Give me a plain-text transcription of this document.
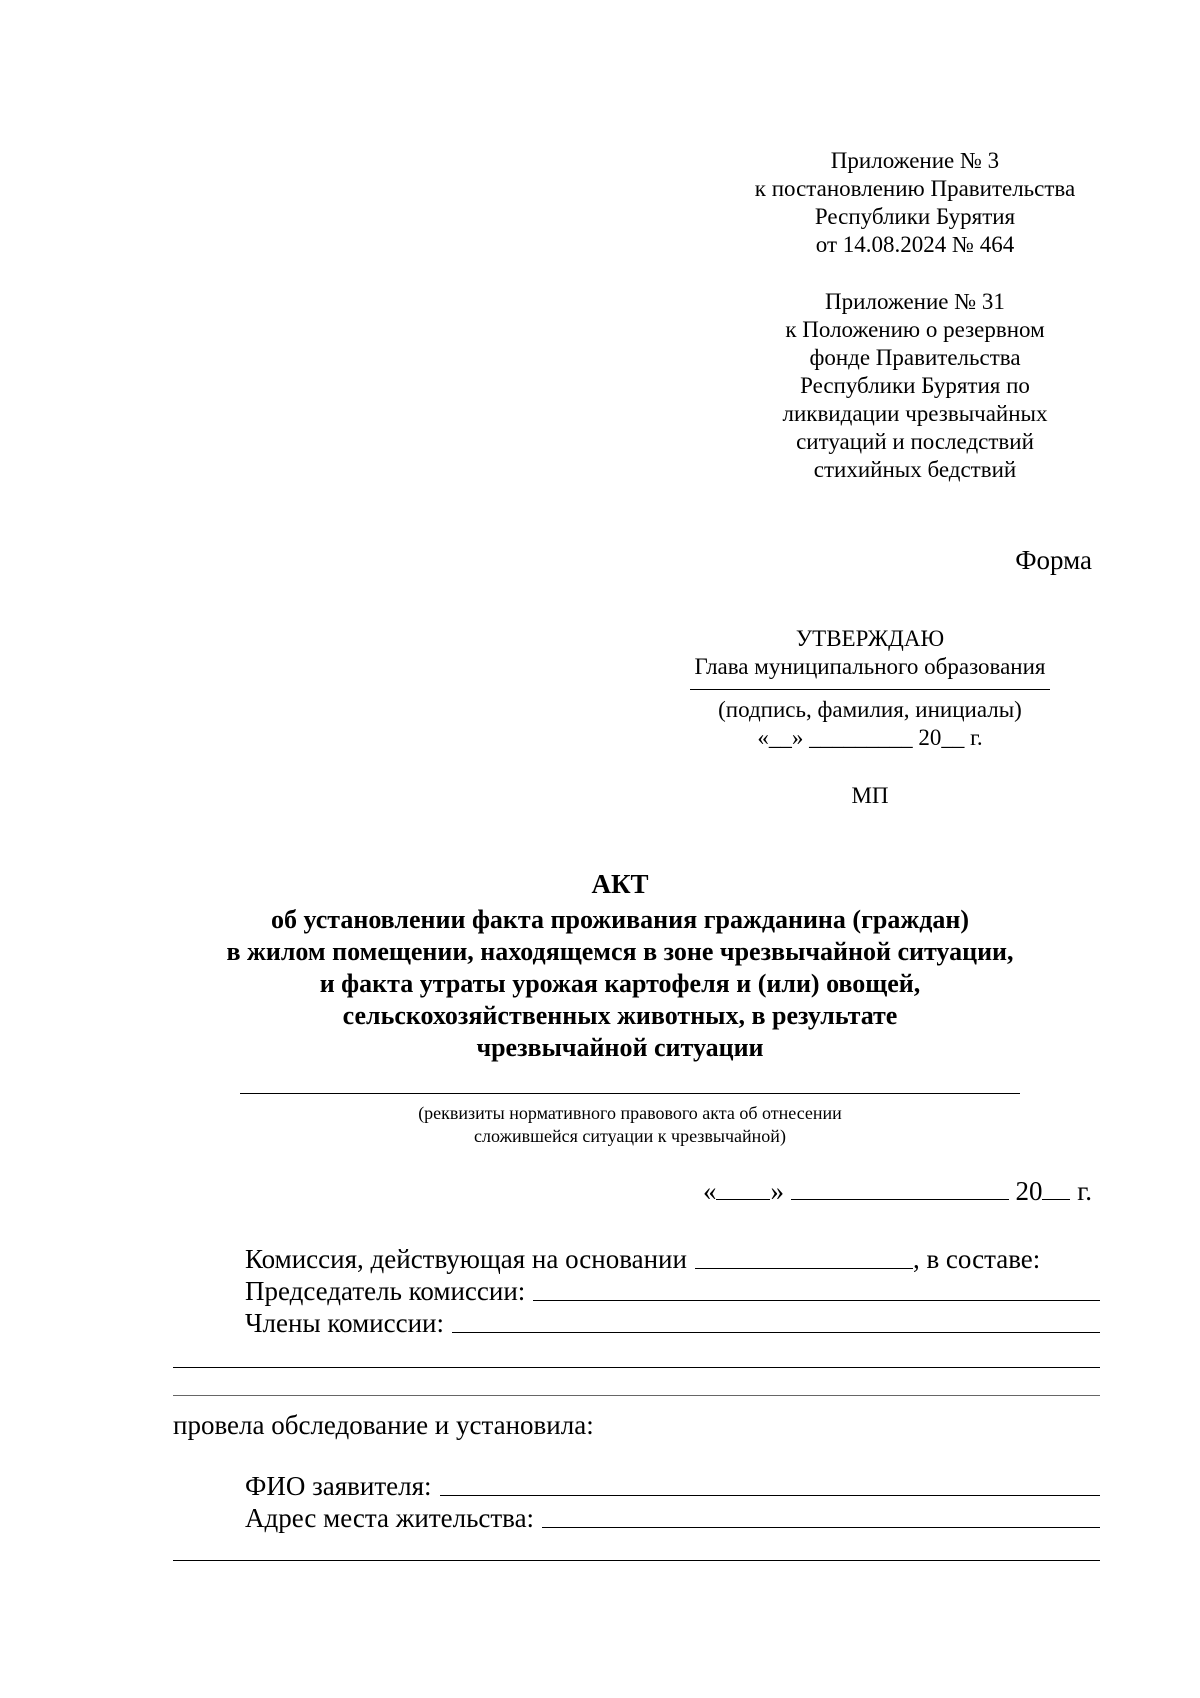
Приложение № 3
к постановлению Правительства
Республики Бурятия
от 14.08.2024 № 464
Приложение № 31
к Положению о резервном
фонде Правительства
Республики Бурятия по
ликвидации чрезвычайных
ситуаций и последствий
стихийных бедствий
Форма
УТВЕРЖДАЮ
Глава муниципального образования
(подпись, фамилия, инициалы)
«__» _________ 20__ г.
МП
АКТ
об установлении факта проживания гражданина (граждан)
в жилом помещении, находящемся в зоне чрезвычайной ситуации,
и факта утраты урожая картофеля и (или) овощей,
сельскохозяйственных животных, в результате
чрезвычайной ситуации
(реквизиты нормативного правового акта об отнесении
сложившейся ситуации к чрезвычайной)
« »	20 г.
Комиссия, действующая на основании	, в составе:
Председатель комиссии:
Члены комиссии:
провела обследование и установила:
ФИО заявителя:
Адрес места жительства:
